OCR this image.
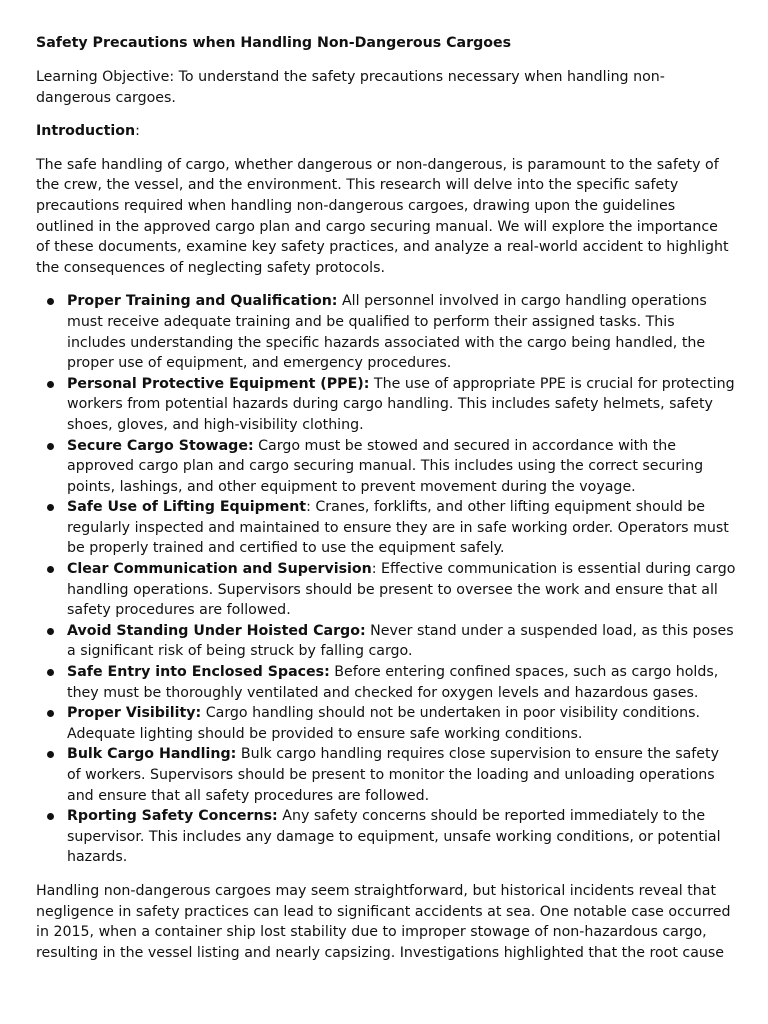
Safety Precautions when Handling Non-Dangerous Cargoes
Learning Objective: To understand the safety precautions necessary when handling non-dangerous cargoes.
Introduction:
The safe handling of cargo, whether dangerous or non-dangerous, is paramount to the safety of the crew, the vessel, and the environment. This research will delve into the specific safety precautions required when handling non-dangerous cargoes, drawing upon the guidelines outlined in the approved cargo plan and cargo securing manual. We will explore the importance of these documents, examine key safety practices, and analyze a real-world accident to highlight the consequences of neglecting safety protocols.
Proper Training and Qualification: All personnel involved in cargo handling operations must receive adequate training and be qualified to perform their assigned tasks. This includes understanding the specific hazards associated with the cargo being handled, the proper use of equipment, and emergency procedures.
Personal Protective Equipment (PPE): The use of appropriate PPE is crucial for protecting workers from potential hazards during cargo handling. This includes safety helmets, safety shoes, gloves, and high-visibility clothing.
Secure Cargo Stowage: Cargo must be stowed and secured in accordance with the approved cargo plan and cargo securing manual. This includes using the correct securing points, lashings, and other equipment to prevent movement during the voyage.
Safe Use of Lifting Equipment: Cranes, forklifts, and other lifting equipment should be regularly inspected and maintained to ensure they are in safe working order. Operators must be properly trained and certified to use the equipment safely.
Clear Communication and Supervision: Effective communication is essential during cargo handling operations. Supervisors should be present to oversee the work and ensure that all safety procedures are followed.
Avoid Standing Under Hoisted Cargo: Never stand under a suspended load, as this poses a significant risk of being struck by falling cargo.
Safe Entry into Enclosed Spaces: Before entering confined spaces, such as cargo holds, they must be thoroughly ventilated and checked for oxygen levels and hazardous gases.
Proper Visibility: Cargo handling should not be undertaken in poor visibility conditions. Adequate lighting should be provided to ensure safe working conditions.
Bulk Cargo Handling: Bulk cargo handling requires close supervision to ensure the safety of workers. Supervisors should be present to monitor the loading and unloading operations and ensure that all safety procedures are followed.
Rporting Safety Concerns: Any safety concerns should be reported immediately to the supervisor. This includes any damage to equipment, unsafe working conditions, or potential hazards.
Handling non-dangerous cargoes may seem straightforward, but historical incidents reveal that negligence in safety practices can lead to significant accidents at sea. One notable case occurred in 2015, when a container ship lost stability due to improper stowage of non-hazardous cargo, resulting in the vessel listing and nearly capsizing. Investigations highlighted that the root cause
